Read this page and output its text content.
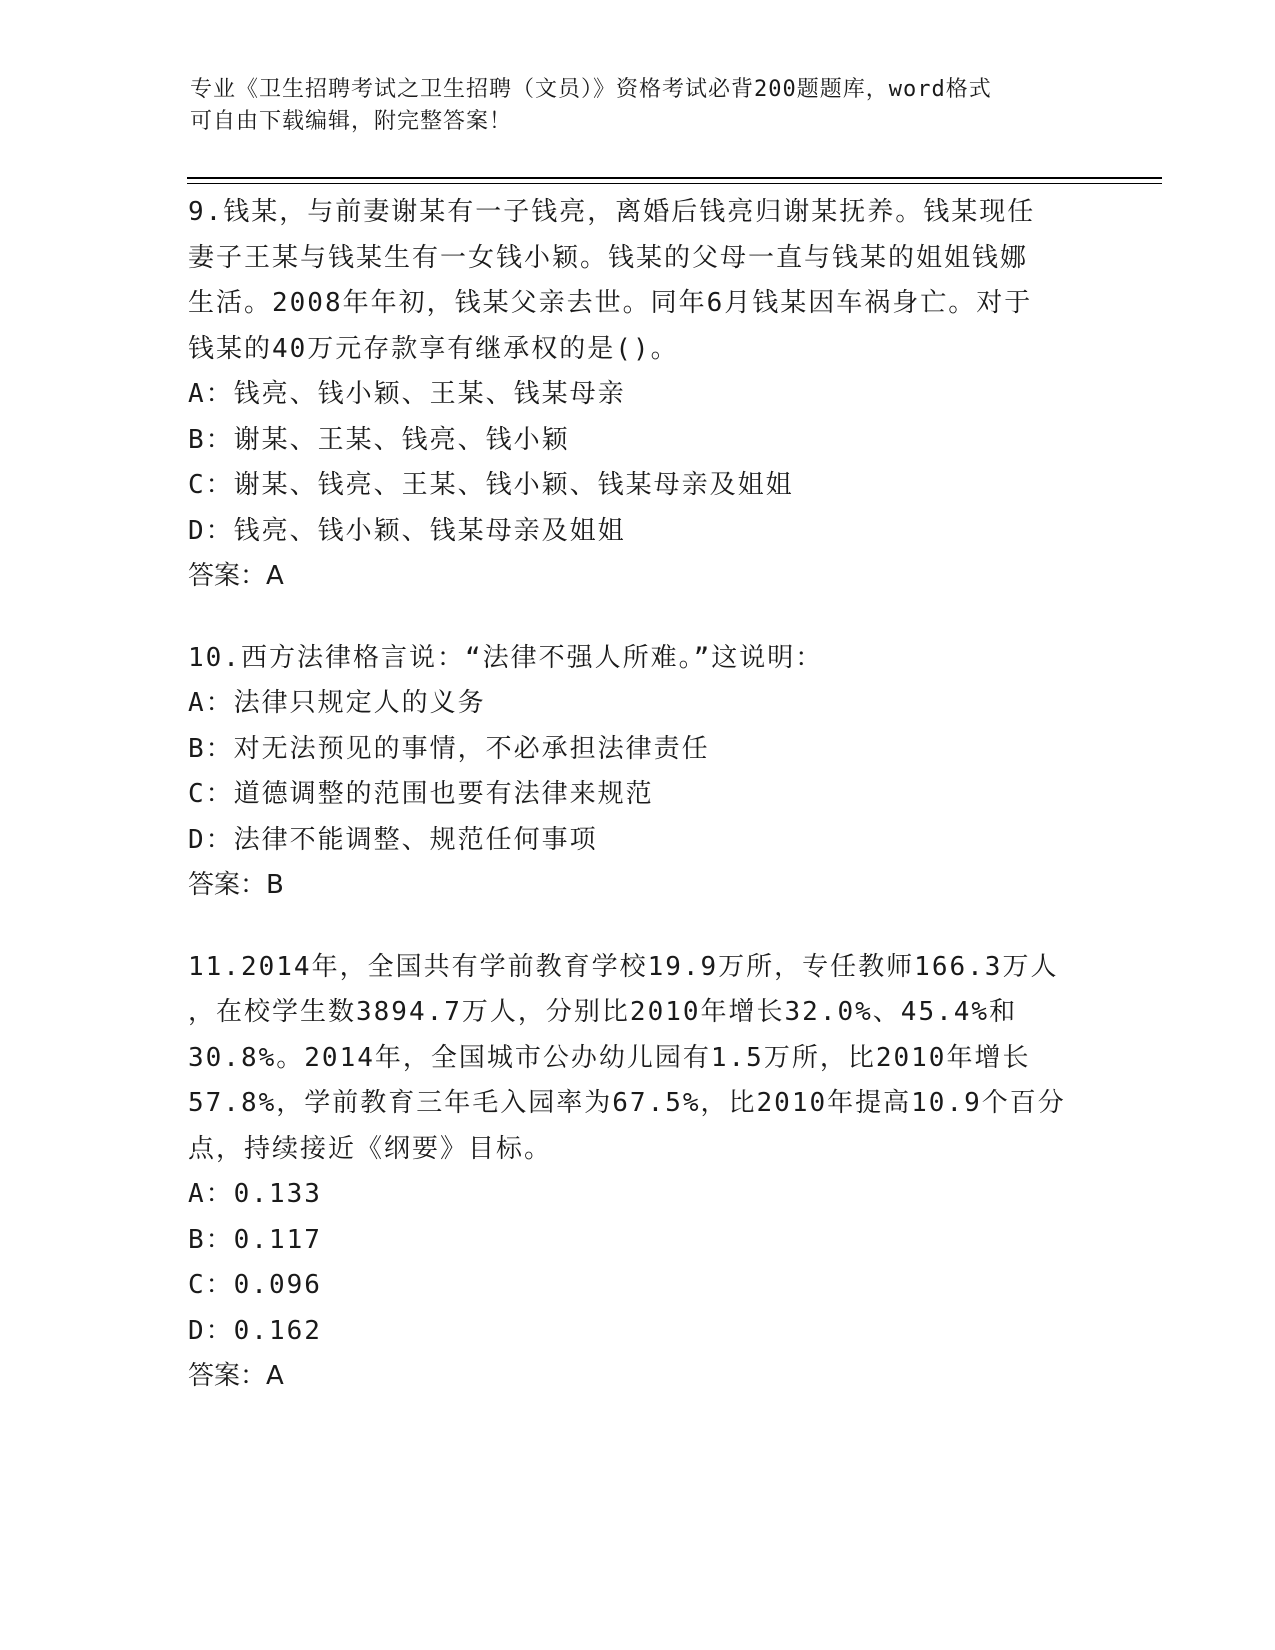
专业《卫生招聘考试之卫生招聘（文员）》资格考试必背200题题库，word格式
可自由下载编辑，附完整答案！
9.钱某，与前妻谢某有一子钱亮，离婚后钱亮归谢某抚养。钱某现任
妻子王某与钱某生有一女钱小颖。钱某的父母一直与钱某的姐姐钱娜
生活。2008年年初，钱某父亲去世。同年6月钱某因车祸身亡。对于
钱某的40万元存款享有继承权的是()。
A：钱亮、钱小颖、王某、钱某母亲
B：谢某、王某、钱亮、钱小颖
C：谢某、钱亮、王某、钱小颖、钱某母亲及姐姐
D：钱亮、钱小颖、钱某母亲及姐姐
答案：A
10.西方法律格言说：“法律不强人所难。”这说明：
A：法律只规定人的义务
B：对无法预见的事情，不必承担法律责任
C：道德调整的范围也要有法律来规范
D：法律不能调整、规范任何事项
答案：B
11.2014年，全国共有学前教育学校19.9万所，专任教师166.3万人
，在校学生数3894.7万人，分别比2010年增长32.0%、45.4%和
30.8%。2014年，全国城市公办幼儿园有1.5万所，比2010年增长
57.8%，学前教育三年毛入园率为67.5%，比2010年提高10.9个百分
点，持续接近《纲要》目标。
A：0.133
B：0.117
C：0.096
D：0.162
答案：A
